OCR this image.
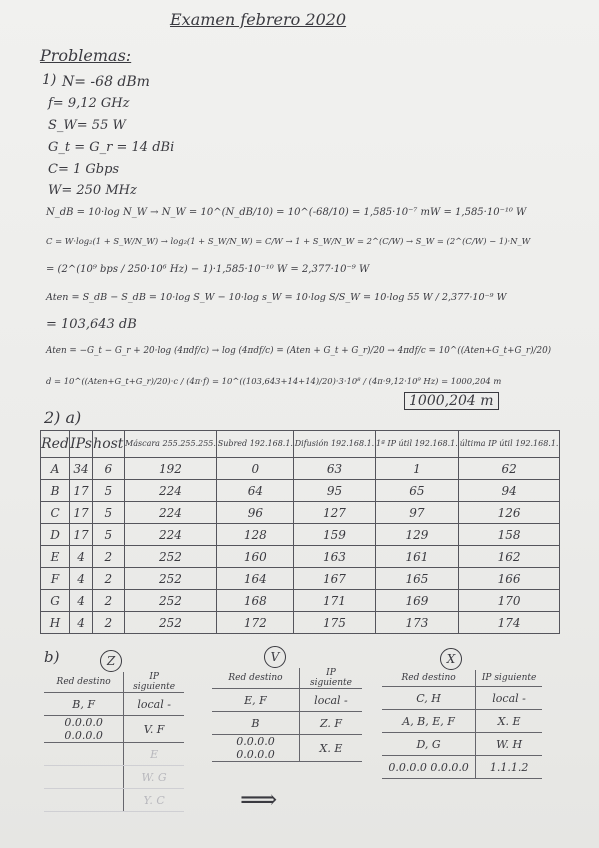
Examen febrero 2020
Problemas:
1) N= -68 dBm
f= 9,12 GHz
S_W= 55 W
G_t = G_r = 14 dBi
C= 1 Gbps
W= 250 MHz
N_dB = 10·log N_W → N_W = 10^(N_dB/10) = 10^(-68/10) = 1,585·10⁻⁷ mW = 1,585·10⁻¹⁰ W
C = W·log₂(1 + S_W/N_W) → log₂(1 + S_W/N_W) = C/W → 1 + S_W/N_W = 2^(C/W) → S_W = (2^(C/W) − 1)·N_W
= (2^(10⁹ bps / 250·10⁶ Hz) − 1)·1,585·10⁻¹⁰ W = 2,377·10⁻⁹ W
Aten = S_dB − S_dB = 10·log S_W − 10·log s_W = 10·log S/S_W = 10·log 55 W / 2,377·10⁻⁹ W
= 103,643 dB
Aten = −G_t − G_r + 20·log (4πdf/c) → log (4πdf/c) = (Aten + G_t + G_r)/20 → 4πdf/c = 10^((Aten+G_t+G_r)/20)
d = 10^((Aten+G_t+G_r)/20)·c / (4π·f) = 10^((103,643+14+14)/20)·3·10⁸ / (4π·9,12·10⁹ Hz) = 1000,204 m
1000,204 m
2) a)
Red	IPs	host	Máscara 255.255.255.	Subred 192.168.1.	Difusión 192.168.1.	1ª IP útil 192.168.1.	última IP útil 192.168.1.
A	34	6	192	0	63	1	62
B	17	5	224	64	95	65	94
C	17	5	224	96	127	97	126
D	17	5	224	128	159	129	158
E	4	2	252	160	163	161	162
F	4	2	252	164	167	165	166
G	4	2	252	168	171	169	170
H	4	2	252	172	175	173	174
b)	Z	V	X
Red destino	IP siguiente
B, F	local -
0.0.0.0 0.0.0.0	V. F
	E
	W. G
	Y. C
Red destino	IP siguiente
E, F	local -
B	Z. F
0.0.0.0 0.0.0.0	X. E
Red destino	IP siguiente
C, H	local -
A, B, E, F	X. E
D, G	W. H
0.0.0.0 0.0.0.0	1.1.1.2
⟹
